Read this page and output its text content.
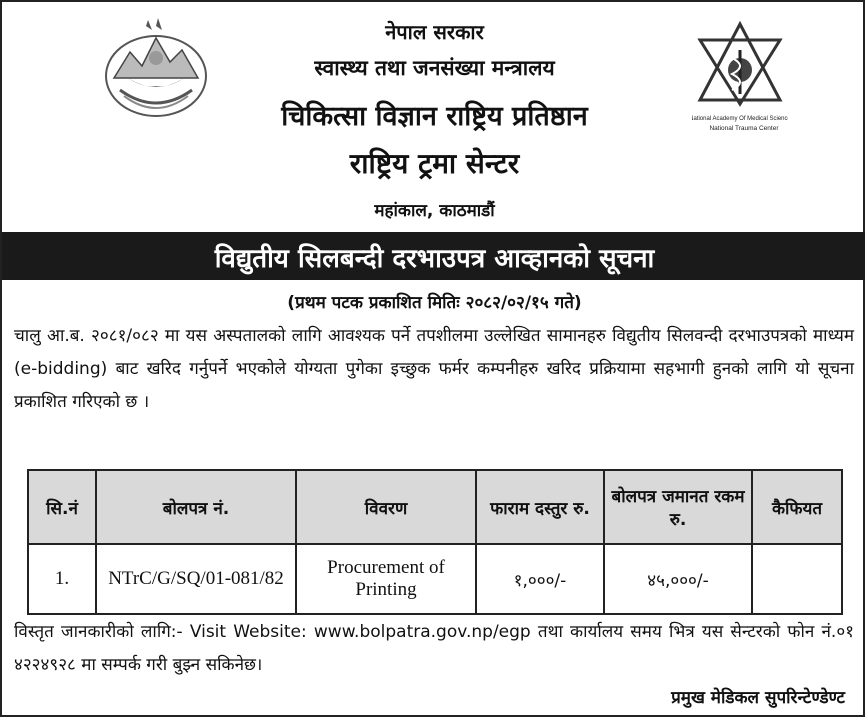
National Academy Of Medical Science
National Trauma Center
नेपाल सरकार
स्वास्थ्य तथा जनसंख्या मन्त्रालय
चिकित्सा विज्ञान राष्ट्रिय प्रतिष्ठान
राष्ट्रिय ट्रमा सेन्टर
महांकाल, काठमाडौं
विद्युतीय सिलबन्दी दरभाउपत्र आव्हानको सूचना
(प्रथम पटक प्रकाशित मितिः २०८२/०२/१५ गते)
चालु आ.ब. २०८१/०८२ मा यस अस्पतालको लागि आवश्यक पर्ने तपशीलमा उल्लेखित सामानहरु विद्युतीय सिलवन्दी दरभाउपत्रको माध्यम (e-bidding) बाट खरिद गर्नुपर्ने भएकोले योग्यता पुगेका इच्छुक फर्मर कम्पनीहरु खरिद प्रक्रियामा सहभागी हुनको लागि यो सूचना प्रकाशित गरिएको छ ।
सि.नं	बोलपत्र नं.	विवरण	फाराम दस्तुर रु.	बोलपत्र जमानत रकम रु.	कैफियत
1.	NTrC/G/SQ/01-081/82	Procurement of Printing	१,०००/-	४५,०००/-	
विस्तृत जानकारीको लागि:- Visit Website: www.bolpatra.gov.np/egp तथा कार्यालय समय भित्र यस सेन्टरको फोन नं.०१ ४२२४९२८ मा सम्पर्क गरी बुझ्न सकिनेछ।
प्रमुख मेडिकल सुपरिन्टेण्डेण्ट
